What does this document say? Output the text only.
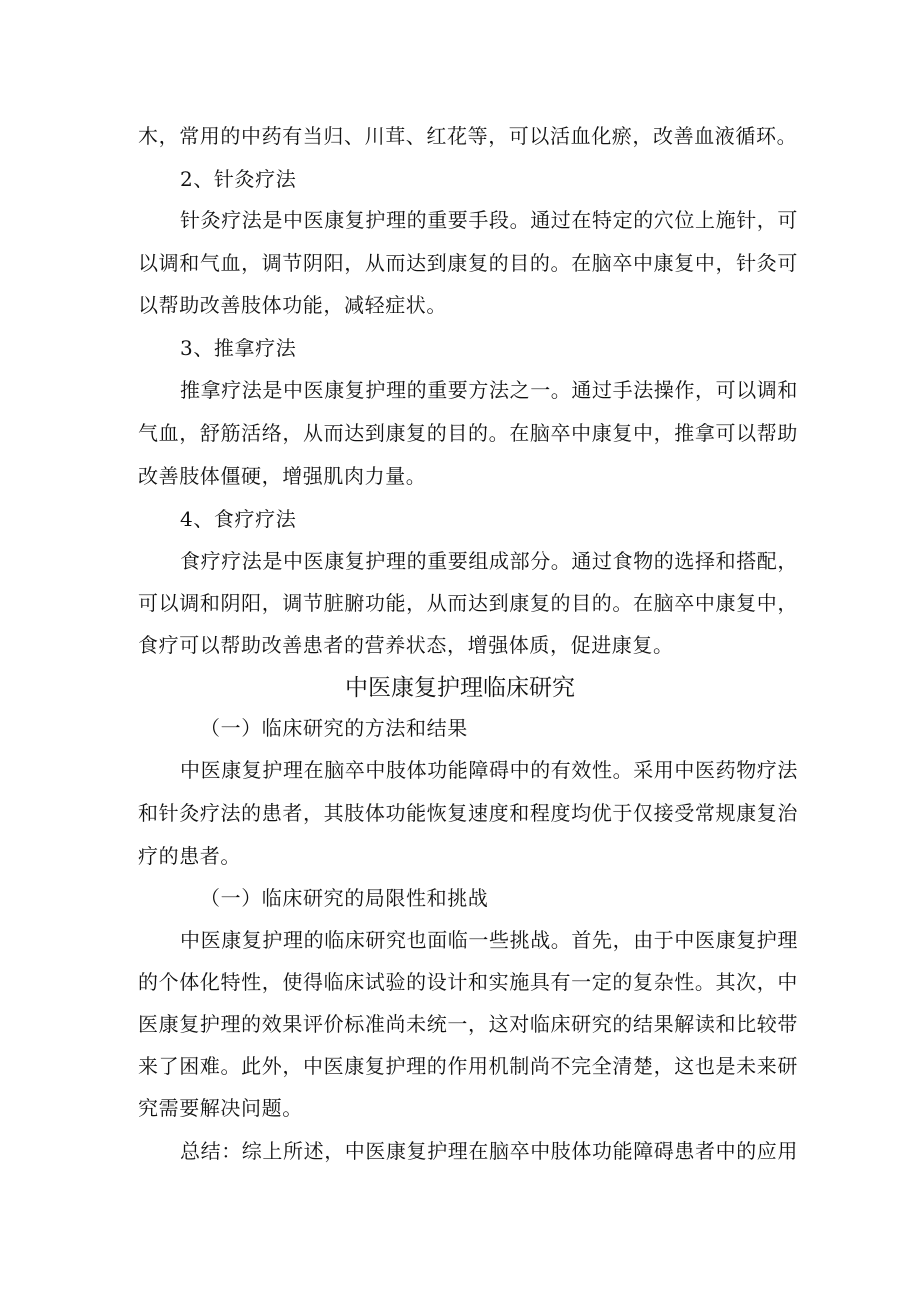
木，常用的中药有当归、川茸、红花等，可以活血化瘀，改善血液循环。
2、针灸疗法
针灸疗法是中医康复护理的重要手段。通过在特定的穴位上施针，可
以调和气血，调节阴阳，从而达到康复的目的。在脑卒中康复中，针灸可
以帮助改善肢体功能，减轻症状。
3、推拿疗法
推拿疗法是中医康复护理的重要方法之一。通过手法操作，可以调和
气血，舒筋活络，从而达到康复的目的。在脑卒中康复中，推拿可以帮助
改善肢体僵硬，增强肌肉力量。
4、食疗疗法
食疗疗法是中医康复护理的重要组成部分。通过食物的选择和搭配，
可以调和阴阳，调节脏腑功能，从而达到康复的目的。在脑卒中康复中，
食疗可以帮助改善患者的营养状态，增强体质，促进康复。
中医康复护理临床研究
（一）临床研究的方法和结果
中医康复护理在脑卒中肢体功能障碍中的有效性。采用中医药物疗法
和针灸疗法的患者，其肢体功能恢复速度和程度均优于仅接受常规康复治
疗的患者。
（一）临床研究的局限性和挑战
中医康复护理的临床研究也面临一些挑战。首先，由于中医康复护理
的个体化特性，使得临床试验的设计和实施具有一定的复杂性。其次，中
医康复护理的效果评价标准尚未统一，这对临床研究的结果解读和比较带
来了困难。此外，中医康复护理的作用机制尚不完全清楚，这也是未来研
究需要解决问题。
总结：综上所述，中医康复护理在脑卒中肢体功能障碍患者中的应用
